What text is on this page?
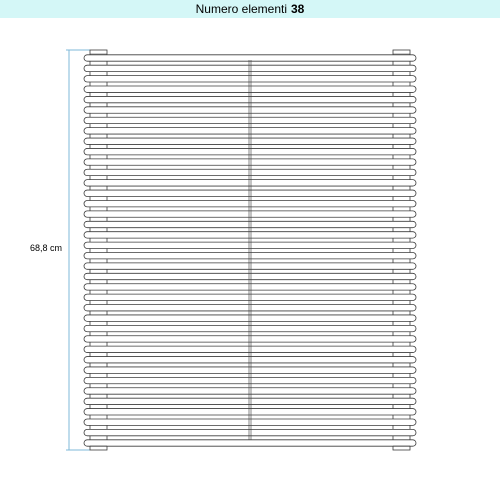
Numero elementi 38
68,8 cm
